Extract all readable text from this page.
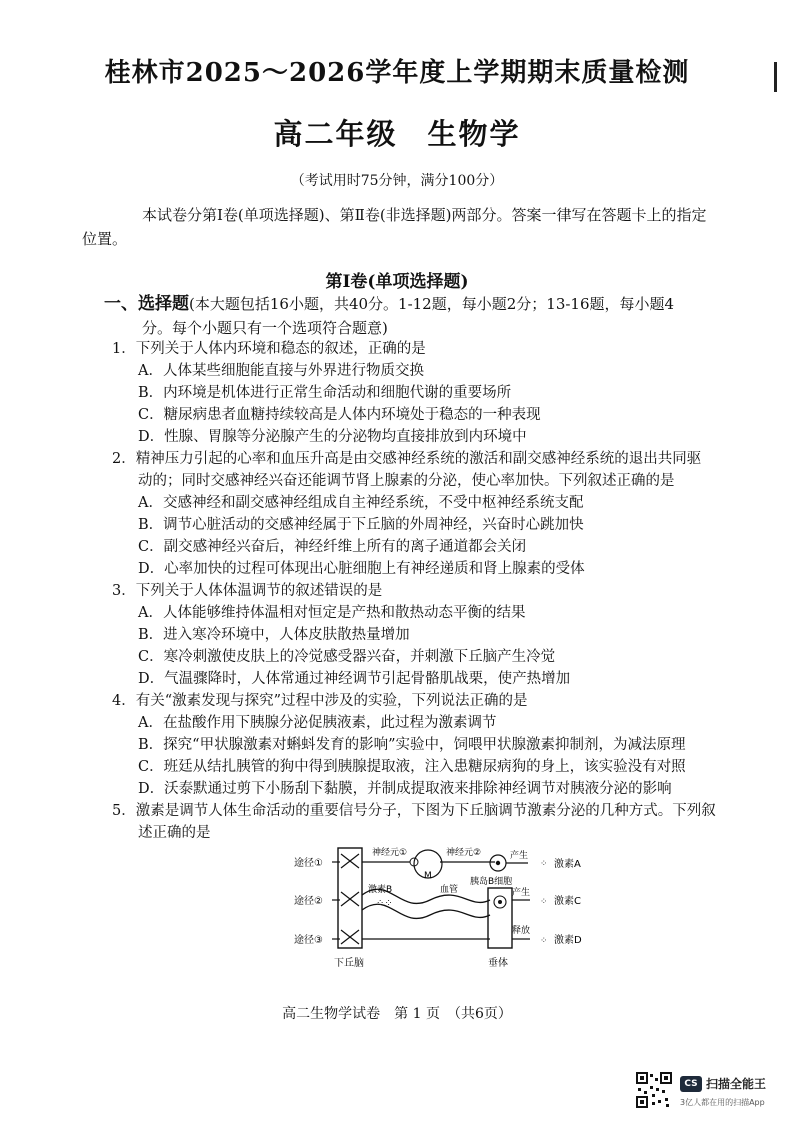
桂林市2025～2026学年度上学期期末质量检测
高二年级 生物学
（考试用时75分钟，满分100分）
本试卷分第Ⅰ卷(单项选择题)、第Ⅱ卷(非选择题)两部分。答案一律写在答题卡上的指定
位置。
第Ⅰ卷(单项选择题)
一、选择题(本大题包括16小题，共40分。1-12题，每小题2分；13-16题，每小题4
分。每个小题只有一个选项符合题意)
1．下列关于人体内环境和稳态的叙述，正确的是
A．人体某些细胞能直接与外界进行物质交换
B．内环境是机体进行正常生命活动和细胞代谢的重要场所
C．糖尿病患者血糖持续较高是人体内环境处于稳态的一种表现
D．性腺、胃腺等分泌腺产生的分泌物均直接排放到内环境中
2．精神压力引起的心率和血压升高是由交感神经系统的激活和副交感神经系统的退出共同驱
动的；同时交感神经兴奋还能调节肾上腺素的分泌，使心率加快。下列叙述正确的是
A．交感神经和副交感神经组成自主神经系统，不受中枢神经系统支配
B．调节心脏活动的交感神经属于下丘脑的外周神经，兴奋时心跳加快
C．副交感神经兴奋后，神经纤维上所有的离子通道都会关闭
D．心率加快的过程可体现出心脏细胞上有神经递质和肾上腺素的受体
3．下列关于人体体温调节的叙述错误的是
A．人体能够维持体温相对恒定是产热和散热动态平衡的结果
B．进入寒冷环境中，人体皮肤散热量增加
C．寒冷刺激使皮肤上的冷觉感受器兴奋，并刺激下丘脑产生冷觉
D．气温骤降时，人体常通过神经调节引起骨骼肌战栗，使产热增加
4．有关“激素发现与探究”过程中涉及的实验，下列说法正确的是
A．在盐酸作用下胰腺分泌促胰液素，此过程为激素调节
B．探究“甲状腺激素对蝌蚪发育的影响”实验中，饲喂甲状腺激素抑制剂，为减法原理
C．班廷从结扎胰管的狗中得到胰腺提取液，注入患糖尿病狗的身上，该实验没有对照
D．沃泰默通过剪下小肠刮下黏膜，并制成提取液来排除神经调节对胰液分泌的影响
5．激素是调节人体生命活动的重要信号分子，下图为下丘脑调节激素分泌的几种方式。下列叙
述正确的是
途径①
途径②
途径③
神经元①	神经元②
M
胰岛B细胞
产生
⁘ 激素A
激素B	血管
⁘⁘
产生
⁘ 激素C
释放
⁘ 激素D
下丘脑	垂体
高二生物学试卷　第 1 页　（共6页）
CS 扫描全能王
3亿人都在用的扫描App
